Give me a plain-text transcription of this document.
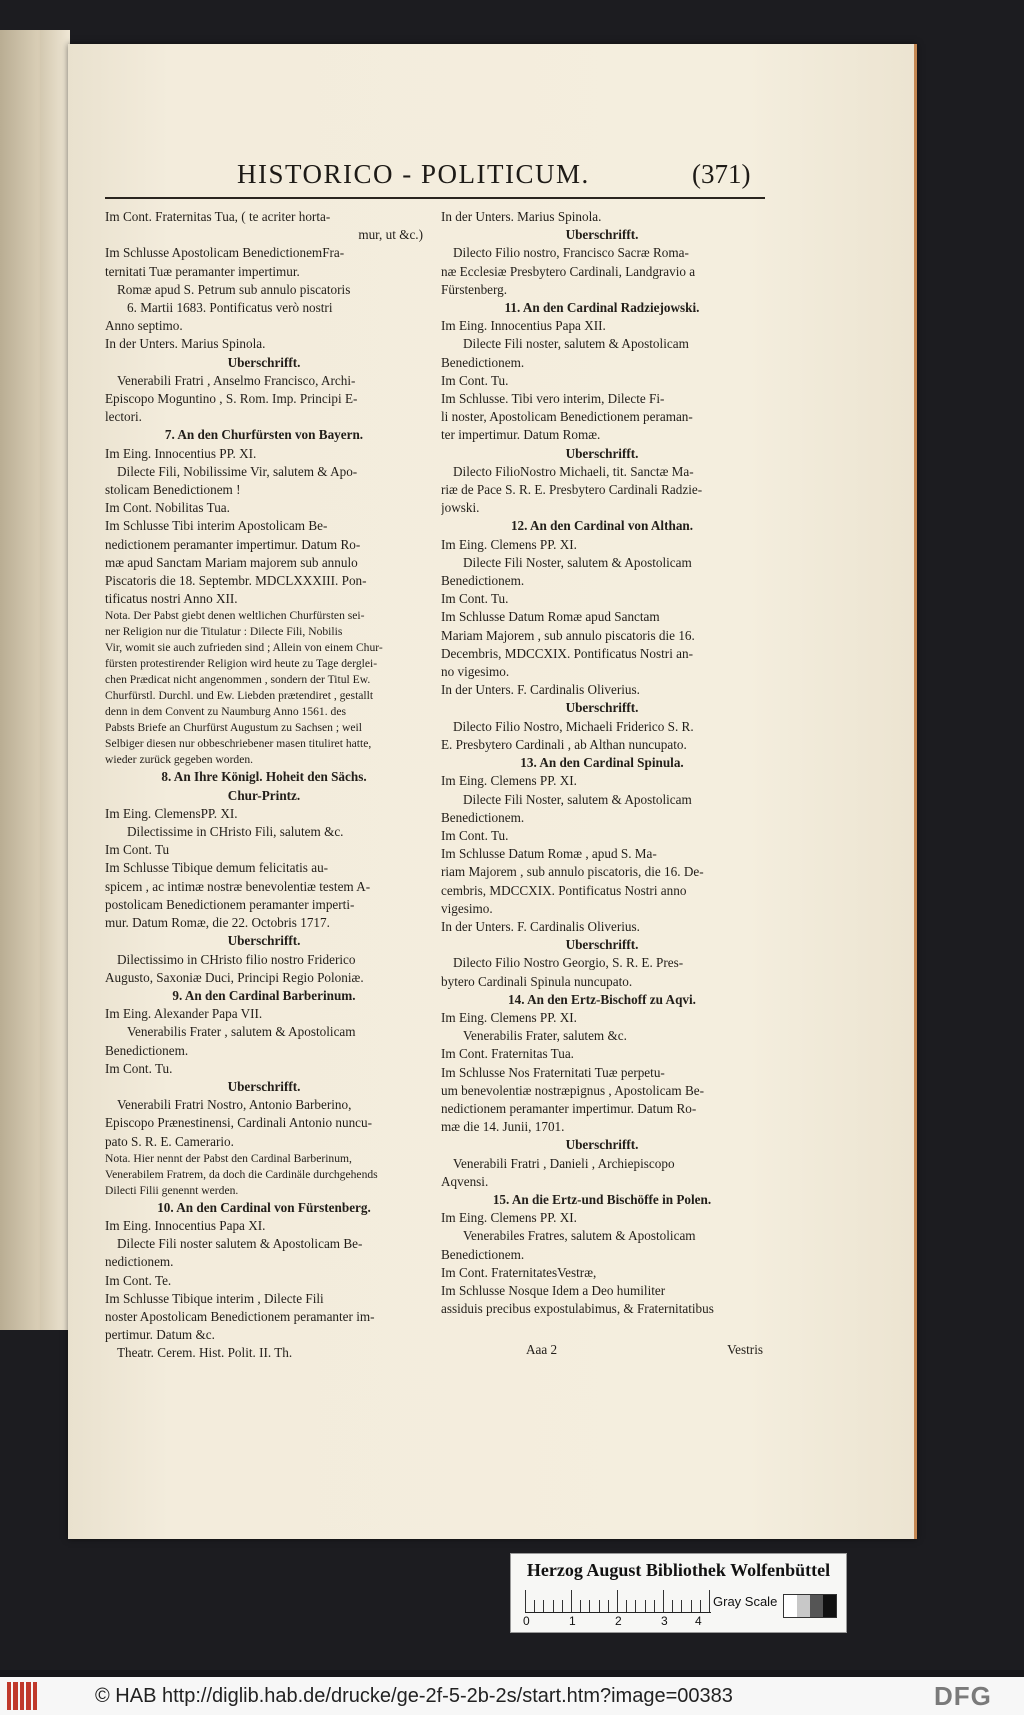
HISTORICO - POLITICUM.	(371)
Im Cont. Fraternitas Tua, ( te acriter horta-
mur, ut &c.)
Im Schlusse Apostolicam BenedictionemFra-
ternitati Tuæ peramanter impertimur.
Romæ apud S. Petrum sub annulo piscatoris
6. Martii 1683. Pontificatus verò nostri
Anno septimo.
In der Unters. Marius Spinola.
Uberschrifft.
Venerabili Fratri , Anselmo Francisco, Archi-
Episcopo Moguntino , S. Rom. Imp. Principi E-
lectori.
7. An den Churfürsten von Bayern.
Im Eing. Innocentius PP. XI.
Dilecte Fili, Nobilissime Vir, salutem & Apo-
stolicam Benedictionem !
Im Cont. Nobilitas Tua.
Im Schlusse Tibi interim Apostolicam Be-
nedictionem peramanter impertimur. Datum Ro-
mæ apud Sanctam Mariam majorem sub annulo
Piscatoris die 18. Septembr. MDCLXXXIII. Pon-
tificatus nostri Anno XII.
Nota. Der Pabst giebt denen weltlichen Churfürsten sei-
ner Religion nur die Titulatur : Dilecte Fili, Nobilis
Vir, womit sie auch zufrieden sind ; Allein von einem Chur-
fürsten protestirender Religion wird heute zu Tage derglei-
chen Prædicat nicht angenommen , sondern der Titul Ew.
Churfürstl. Durchl. und Ew. Liebden prætendiret , gestallt
denn in dem Convent zu Naumburg Anno 1561. des
Pabsts Briefe an Churfürst Augustum zu Sachsen ; weil
Selbiger diesen nur obbeschriebener masen tituliret hatte,
wieder zurück gegeben worden.
8. An Ihre Königl. Hoheit den Sächs.
Chur-Printz.
Im Eing. ClemensPP. XI.
Dilectissime in CHristo Fili, salutem &c.
Im Cont. Tu
Im Schlusse Tibique demum felicitatis au-
spicem , ac intimæ nostræ benevolentiæ testem A-
postolicam Benedictionem peramanter imperti-
mur. Datum Romæ, die 22. Octobris 1717.
Uberschrifft.
Dilectissimo in CHristo filio nostro Friderico
Augusto, Saxoniæ Duci, Principi Regio Poloniæ.
9. An den Cardinal Barberinum.
Im Eing. Alexander Papa VII.
Venerabilis Frater , salutem & Apostolicam
Benedictionem.
Im Cont. Tu.
Uberschrifft.
Venerabili Fratri Nostro, Antonio Barberino,
Episcopo Prænestinensi, Cardinali Antonio nuncu-
pato S. R. E. Camerario.
Nota. Hier nennt der Pabst den Cardinal Barberinum,
Venerabilem Fratrem, da doch die Cardinäle durchgehends
Dilecti Filii genennt werden.
10. An den Cardinal von Fürstenberg.
Im Eing. Innocentius Papa XI.
Dilecte Fili noster salutem & Apostolicam Be-
nedictionem.
Im Cont. Te.
Im Schlusse Tibique interim , Dilecte Fili
noster Apostolicam Benedictionem peramanter im-
pertimur. Datum &c.
Theatr. Cerem. Hist. Polit. II. Th.
In der Unters. Marius Spinola.
Uberschrifft.
Dilecto Filio nostro, Francisco Sacræ Roma-
næ Ecclesiæ Presbytero Cardinali, Landgravio a
Fürstenberg.
11. An den Cardinal Radziejowski.
Im Eing. Innocentius Papa XII.
Dilecte Fili noster, salutem & Apostolicam
Benedictionem.
Im Cont. Tu.
Im Schlusse. Tibi vero interim, Dilecte Fi-
li noster, Apostolicam Benedictionem peraman-
ter impertimur. Datum Romæ.
Uberschrifft.
Dilecto FilioNostro Michaeli, tit. Sanctæ Ma-
riæ de Pace S. R. E. Presbytero Cardinali Radzie-
jowski.
12. An den Cardinal von Althan.
Im Eing. Clemens PP. XI.
Dilecte Fili Noster, salutem & Apostolicam
Benedictionem.
Im Cont. Tu.
Im Schlusse Datum Romæ apud Sanctam
Mariam Majorem , sub annulo piscatoris die 16.
Decembris, MDCCXIX. Pontificatus Nostri an-
no vigesimo.
In der Unters. F. Cardinalis Oliverius.
Uberschrifft.
Dilecto Filio Nostro, Michaeli Friderico S. R.
E. Presbytero Cardinali , ab Althan nuncupato.
13. An den Cardinal Spinula.
Im Eing. Clemens PP. XI.
Dilecte Fili Noster, salutem & Apostolicam
Benedictionem.
Im Cont. Tu.
Im Schlusse Datum Romæ , apud S. Ma-
riam Majorem , sub annulo piscatoris, die 16. De-
cembris, MDCCXIX. Pontificatus Nostri anno
vigesimo.
In der Unters. F. Cardinalis Oliverius.
Uberschrifft.
Dilecto Filio Nostro Georgio, S. R. E. Pres-
bytero Cardinali Spinula nuncupato.
14. An den Ertz-Bischoff zu Aqvi.
Im Eing. Clemens PP. XI.
Venerabilis Frater, salutem &c.
Im Cont. Fraternitas Tua.
Im Schlusse Nos Fraternitati Tuæ perpetu-
um benevolentiæ nostræpignus , Apostolicam Be-
nedictionem peramanter impertimur. Datum Ro-
mæ die 14. Junii, 1701.
Uberschrifft.
Venerabili Fratri , Danieli , Archiepiscopo
Aqvensi.
15. An die Ertz-und Bischöffe in Polen.
Im Eing. Clemens PP. XI.
Venerabiles Fratres, salutem & Apostolicam
Benedictionem.
Im Cont. FraternitatesVestræ,
Im Schlusse Nosque Idem a Deo humiliter
assiduis precibus expostulabimus, & Fraternitatibus
Aaa 2	Vestris
Herzog August Bibliothek Wolfenbüttel
0	1	2	3 4
Gray Scale
© HAB http://diglib.hab.de/drucke/ge-2f-5-2b-2s/start.htm?image=00383	DFG
